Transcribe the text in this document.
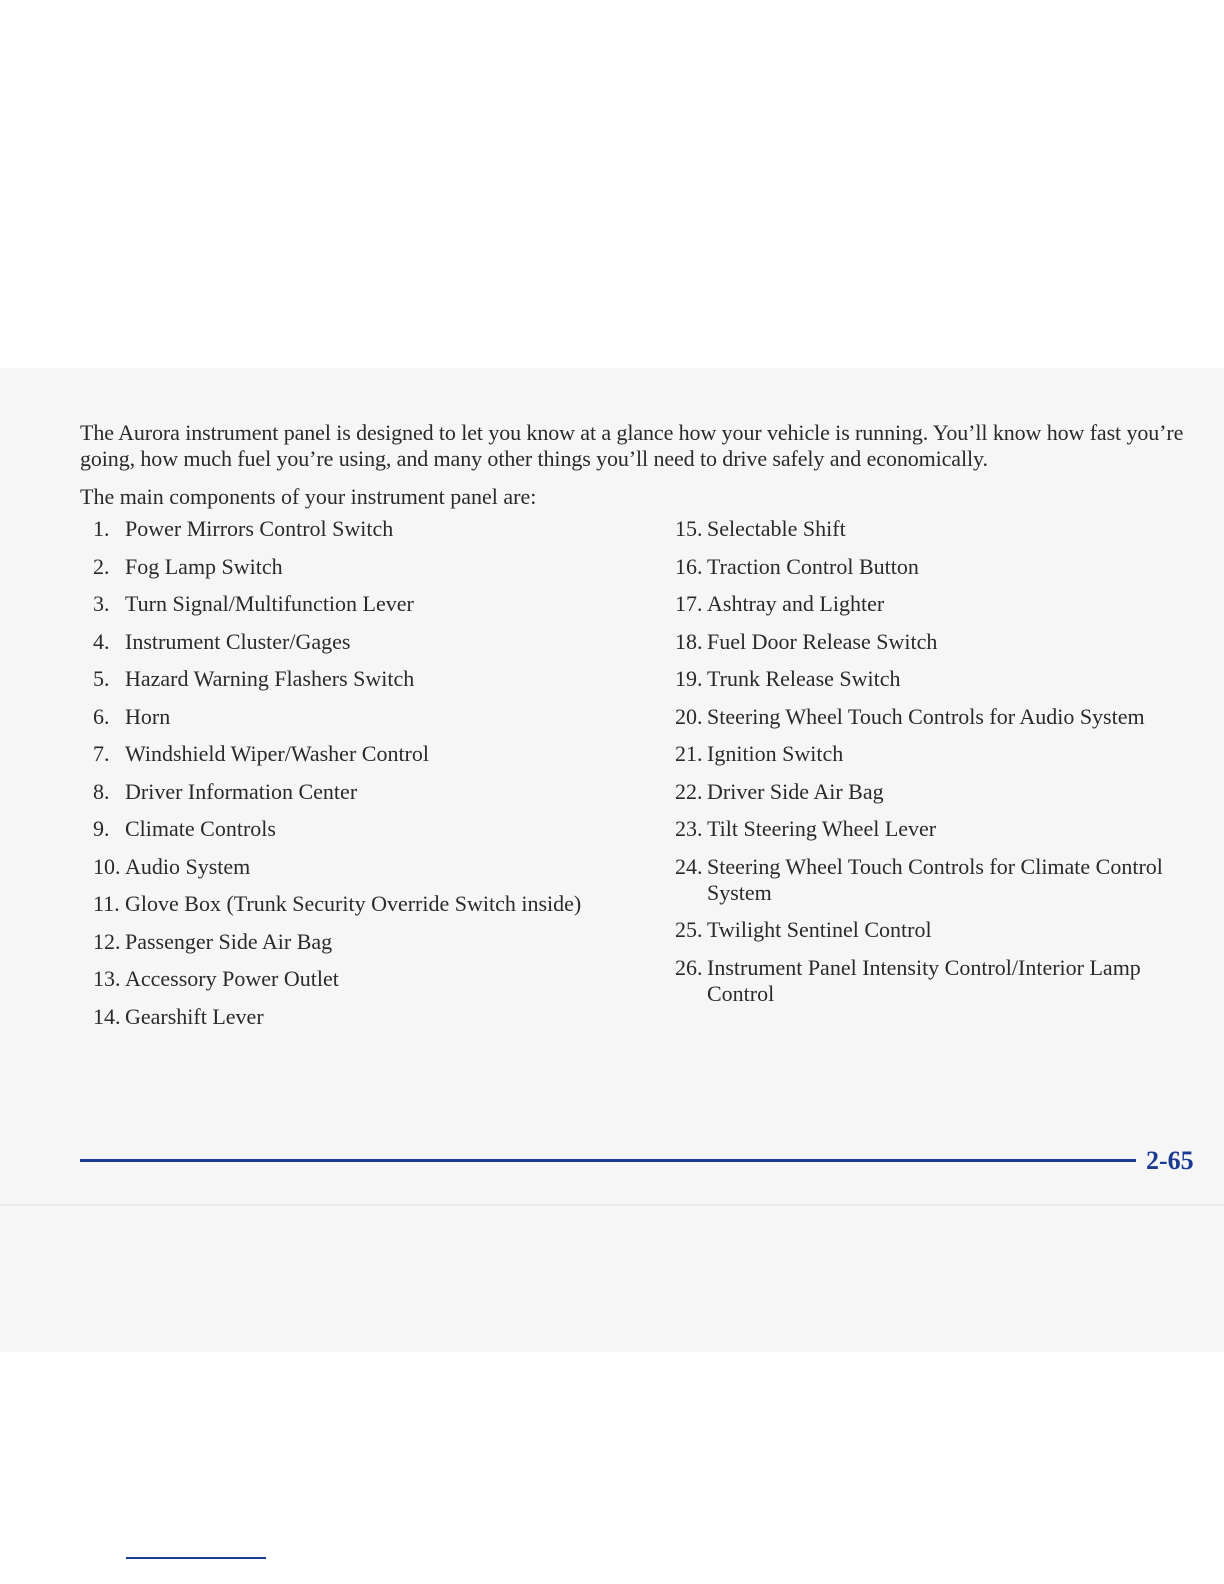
The Aurora instrument panel is designed to let you know at a glance how your vehicle is running. You’ll know how fast you’re going, how much fuel you’re using, and many other things you’ll need to drive safely and economically.

The main components of your instrument panel are:

1. Power Mirrors Control Switch
2. Fog Lamp Switch
3. Turn Signal/Multifunction Lever
4. Instrument Cluster/Gages
5. Hazard Warning Flashers Switch
6. Horn
7. Windshield Wiper/Washer Control
8. Driver Information Center
9. Climate Controls
10. Audio System
11. Glove Box (Trunk Security Override Switch inside)
12. Passenger Side Air Bag
13. Accessory Power Outlet
14. Gearshift Lever
15. Selectable Shift
16. Traction Control Button
17. Ashtray and Lighter
18. Fuel Door Release Switch
19. Trunk Release Switch
20. Steering Wheel Touch Controls for Audio System
21. Ignition Switch
22. Driver Side Air Bag
23. Tilt Steering Wheel Lever
24. Steering Wheel Touch Controls for Climate Control System
25. Twilight Sentinel Control
26. Instrument Panel Intensity Control/Interior Lamp Control
2-65
